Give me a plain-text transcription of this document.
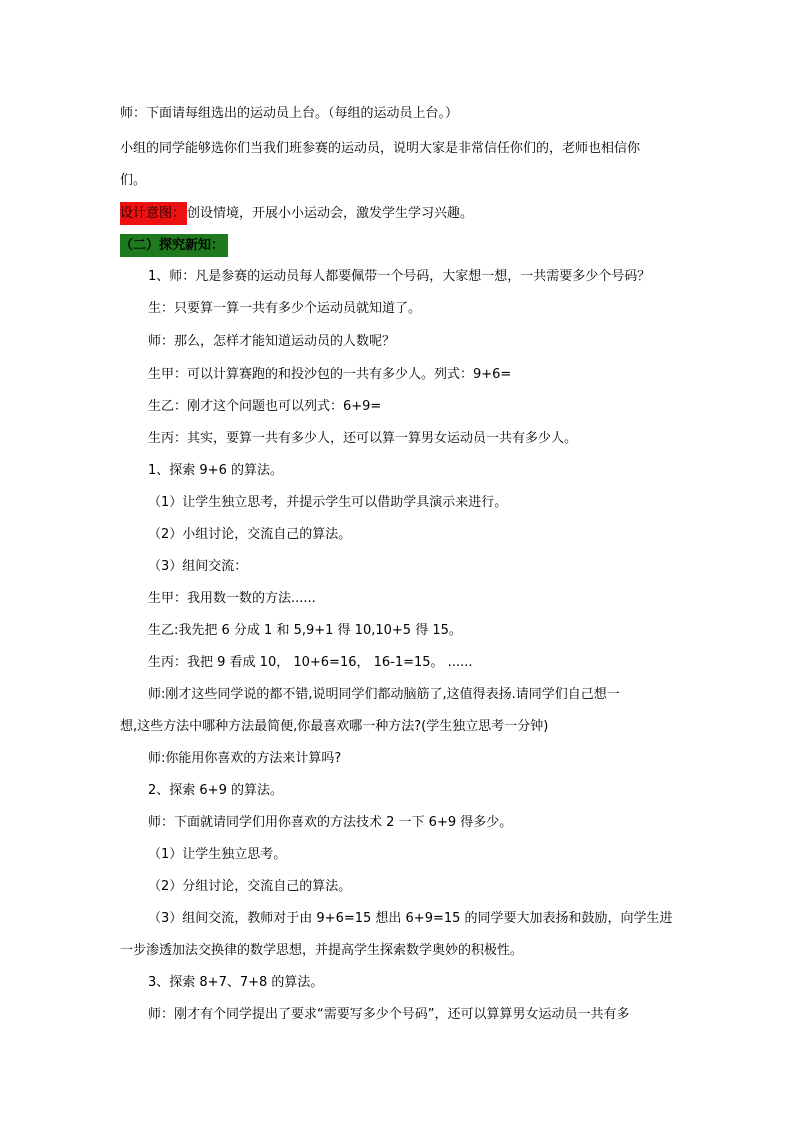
师：下面请每组选出的运动员上台。（每组的运动员上台。）
小组的同学能够选你们当我们班参赛的运动员，说明大家是非常信任你们的，老师也相信你
们。
设计意图： 创设情境，开展小小运动会，激发学生学习兴趣。
（二）探究新知：
1、师：凡是参赛的运动员每人都要佩带一个号码，大家想一想，一共需要多少个号码？
生：只要算一算一共有多少个运动员就知道了。
师：那么，怎样才能知道运动员的人数呢？
生甲：可以计算赛跑的和投沙包的一共有多少人。列式：9+6=
生乙：刚才这个问题也可以列式：6+9=
生丙：其实，要算一共有多少人，还可以算一算男女运动员一共有多少人。
1、探索 9+6 的算法。
（1）让学生独立思考，并提示学生可以借助学具演示来进行。
（2）小组讨论，交流自己的算法。
（3）组间交流：
生甲：我用数一数的方法......
生乙:我先把 6 分成 1 和 5,9+1 得 10,10+5 得 15。
生丙：我把 9 看成 10， 10+6=16， 16-1=15。 ......
师:刚才这些同学说的都不错,说明同学们都动脑筋了,这值得表扬.请同学们自己想一
想,这些方法中哪种方法最简便,你最喜欢哪一种方法?(学生独立思考一分钟)
师:你能用你喜欢的方法来计算吗?
2、探索 6+9 的算法。
师：下面就请同学们用你喜欢的方法技术 2 一下 6+9 得多少。
（1）让学生独立思考。
（2）分组讨论，交流自己的算法。
（3）组间交流，教师对于由 9+6=15 想出 6+9=15 的同学要大加表扬和鼓励，向学生进
一步渗透加法交换律的数学思想，并提高学生探索数学奥妙的积极性。
3、探索 8+7、7+8 的算法。
师：刚才有个同学提出了要求“需要写多少个号码”，还可以算算男女运动员一共有多
